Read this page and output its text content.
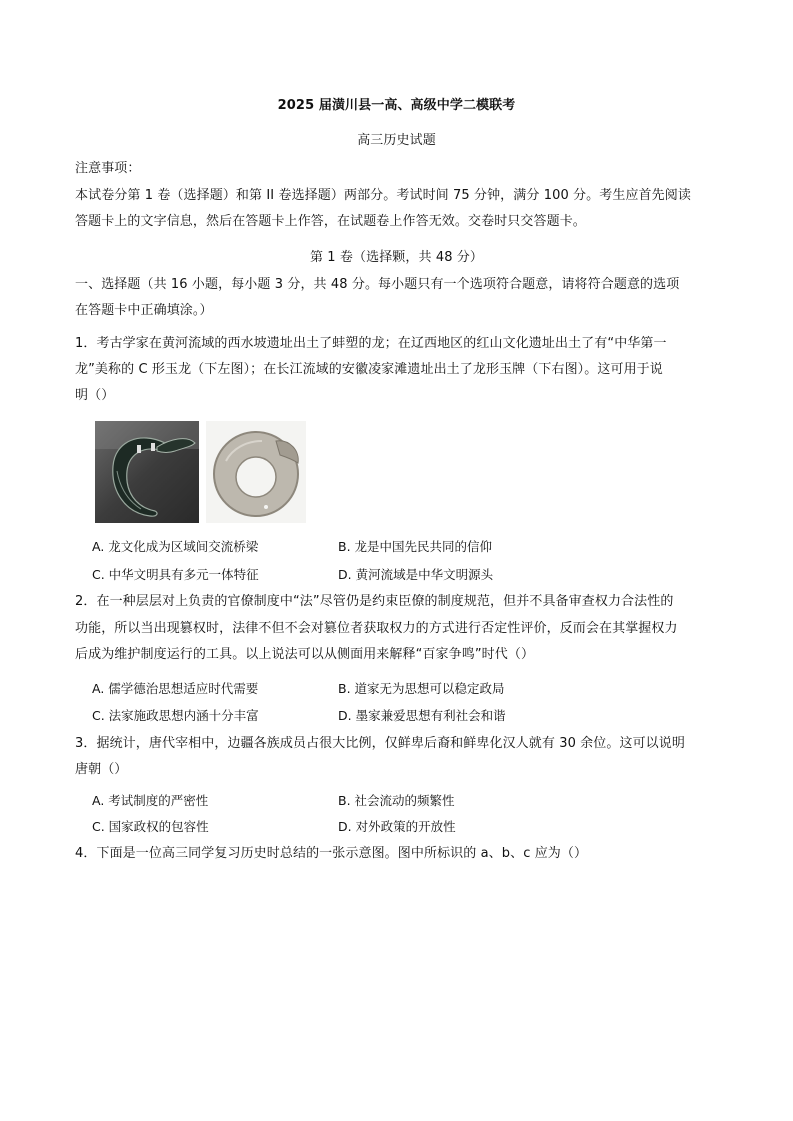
2025 届潢川县一高、高级中学二模联考
高三历史试题
注意事项：
本试卷分第 1 卷（选择题）和第 II 卷选择题）两部分。考试时间 75 分钟，满分 100 分。考生应首先阅读
答题卡上的文字信息，然后在答题卡上作答，在试题卷上作答无效。交卷时只交答题卡。
第 1 卷（选择颗，共 48 分）
一、选择题（共 16 小题，每小题 3 分，共 48 分。每小题只有一个选项符合题意，请将符合题意的选项
在答题卡中正确填涂。）
1．考古学家在黄河流域的西水坡遗址出土了蚌塑的龙；在辽西地区的红山文化遗址出土了有“中华第一
龙”美称的 C 形玉龙（下左图）；在长江流域的安徽凌家滩遗址出土了龙形玉牌（下右图）。这可用于说
明（）
A. 龙文化成为区域间交流桥梁	B. 龙是中国先民共同的信仰
C. 中华文明具有多元一体特征	D. 黄河流域是中华文明源头
2．在一种层层对上负责的官僚制度中“法”尽管仍是约束臣僚的制度规范，但并不具备审查权力合法性的
功能，所以当出现篡权时，法律不但不会对篡位者获取权力的方式进行否定性评价，反而会在其掌握权力
后成为维护制度运行的工具。以上说法可以从侧面用来解释“百家争鸣”时代（）
A. 儒学德治思想适应时代需要	B. 道家无为思想可以稳定政局
C. 法家施政思想内涵十分丰富	D. 墨家兼爱思想有利社会和谐
3．据统计，唐代宰相中，边疆各族成员占很大比例，仅鲜卑后裔和鲜卑化汉人就有 30 余位。这可以说明
唐朝（）
A. 考试制度的严密性	B. 社会流动的频繁性
C. 国家政权的包容性	D. 对外政策的开放性
4．下面是一位高三同学复习历史时总结的一张示意图。图中所标识的 a、b、c 应为（）
